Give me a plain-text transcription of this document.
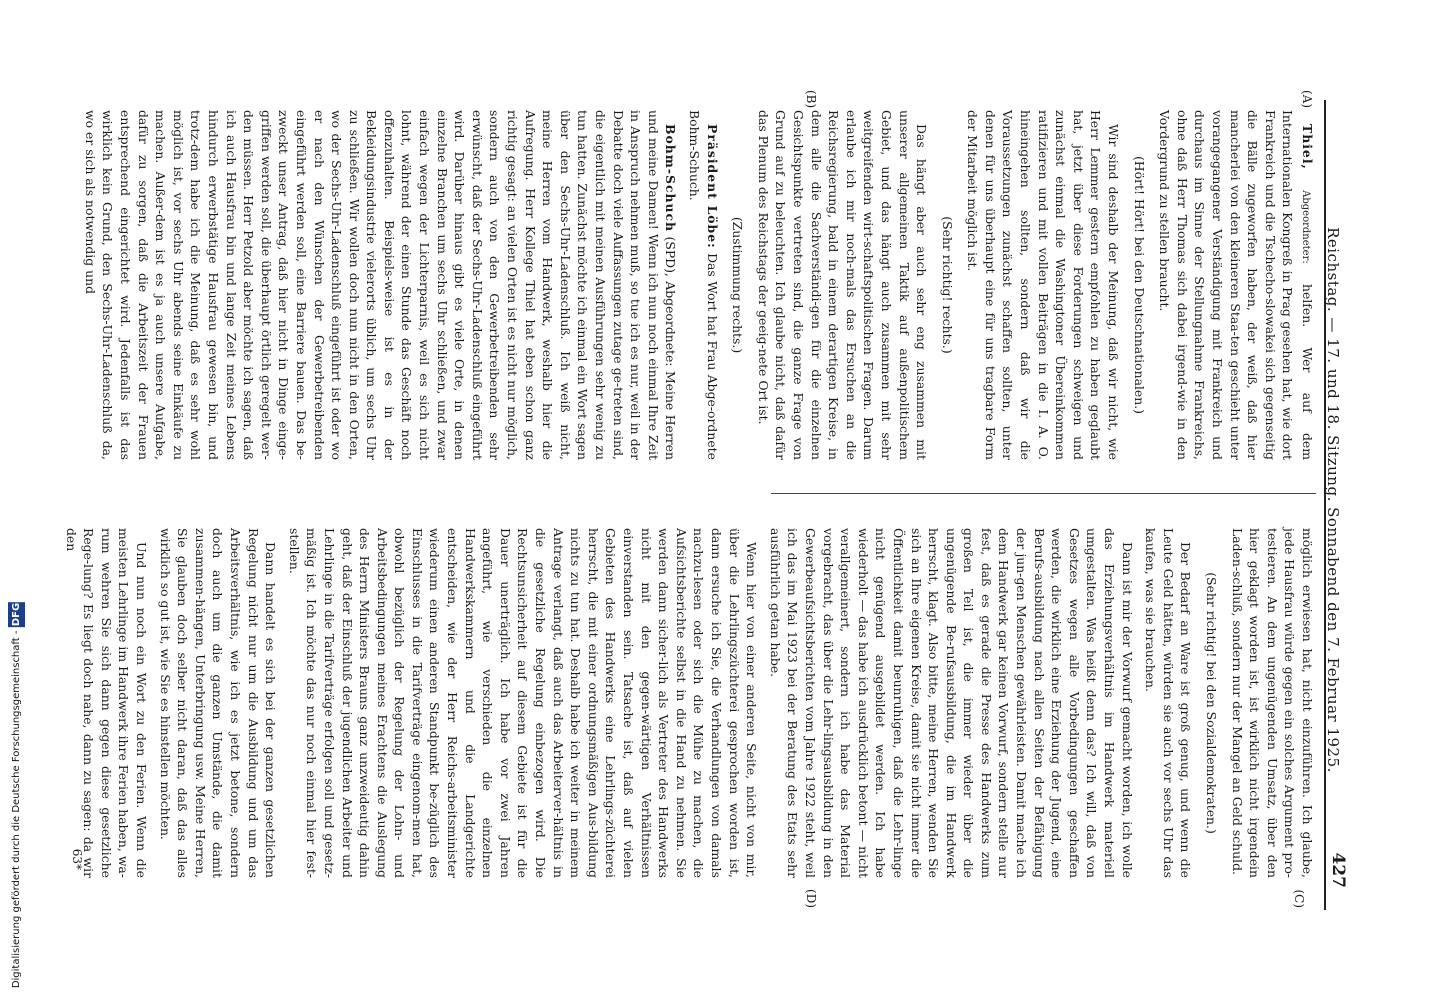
427
Reichstag. — 17. und 18. Sitzung. Sonnabend den 7. Februar 1925.
(A)
(B)
(C)
(D)

Thiel, Abgeordneter: helfen. Wer auf dem Internationalen Kongreß in Prag gesehen hat, wie dort Frankreich und die Tschecho-slowakei sich gegenseitig die Bälle zugeworfen haben, der weiß, daß hier mancherlei von den kleineren Staa-ten geschieht unter vorangegangener Verständigung mit Frankreich und durchaus im Sinne der Stellungnahme Frankreichs, ohne daß Herr Thomas sich dabei irgend-wie in den Vordergrund zu stellen braucht.

(Hört! Hört! bei den Deutschnationalen.)

Wir sind deshalb der Meinung, daß wir nicht, wie Herr Lemmer gestern empfohlen zu haben geglaubt hat, jetzt über diese Forderungen schweigen und zunächst einmal die Washingtoner Übereinkommen ratifizieren und mit vollen Beiträgen in die I. A. O. hineingehen sollten, sondern daß wir die Voraussetzungen zunächst schaffen sollten, unter denen für uns überhaupt eine für uns tragbare Form der Mitarbeit möglich ist.

(Sehr richtig! rechts.)

Das hängt aber auch sehr eng zusammen mit unserer allgemeinen Taktik auf außenpolitischem Gebiet, und das hängt auch zusammen mit sehr weitgreifenden wirt-schaftspolitischen Fragen. Darum erlaube ich mir noch-mals das Ersuchen an die Reichsregierung, bald in einem derartigen Kreise, in dem alle die Sachverständi-gen für die einzelnen Gesichtspunkte vertreten sind, die ganze Frage von Grund auf zu beleuchten. Ich glaube nicht, daß dafür das Plenum des Reichstags der geeig-nete Ort ist.

(Zustimmung rechts.)

Präsident Löbe: Das Wort hat Frau Abge-ordnete Bohm-Schuch.

Bohm-Schuch (SPD), Abgeordnete: Meine Herren und meine Damen! Wenn ich nun noch einmal Ihre Zeit in Anspruch nehmen muß, so tue ich es nur, weil in der Debatte doch viele Auffassungen zutage ge-treten sind, die eigentlich mit meinen Ausführungen sehr wenig zu tun hatten. Zunächst möchte ich einmal ein Wort sagen über den Sechs-Uhr-Ladenschluß. Ich weiß nicht, meine Herren vom Handwerk, weshalb hier die Aufregung. Herr Kollege Thiel hat eben schon ganz richtig gesagt: an vielen Orten ist es nicht nur möglich, sondern auch von den Gewerbetreibenden sehr erwünscht, daß der Sechs-Uhr-Ladenschluß eingeführt wird. Darüber hinaus gibt es viele Orte, in denen einzelne Branchen um sechs Uhr schließen, und zwar einfach wegen der Lichterparnis, weil es sich nicht lohnt, während der einen Stunde das Geschäft noch offenzuhalten. Beispiels-weise ist es in der Bekleidungsindustrie vielerorts üblich, um sechs Uhr zu schließen. Wir wollen doch nun nicht in den Orten, wo der Sechs-Uhr-Ladenschluß eingeführt ist oder wo er nach den Wünschen der Gewerbetreibenden eingeführt werden soll, eine Barriere bauen. Das be-zweckt unser Antrag, daß hier nicht in Dinge einge-griffen werden soll, die überhaupt örtlich geregelt wer-den müssen. Herr Petzold aber möchte ich sagen, daß ich auch Hausfrau bin und lange Zeit meines Lebens hindurch erwerbstätige Hausfrau gewesen bin, und trotz-dem habe ich die Meinung, daß es sehr wohl möglich ist, vor sechs Uhr abends seine Einkäufe zu machen. Außer-dem ist es ja auch unsere Aufgabe, dafür zu sorgen, daß die Arbeitszeit der Frauen entsprechend eingerichtet wird. Jedenfalls ist das wirklich kein Grund, den Sechs-Uhr-Ladenschluß da, wo er sich als notwendig und

möglich erwiesen hat, nicht einzuführen. Ich glaube, jede Hausfrau würde gegen ein solches Argument pro-testieren. An dem ungenügenden Umsatz, über den hier geklagt worden ist, ist wirklich nicht irgendein Laden-schluß, sondern nur der Mangel an Geld schuld.

(Sehr richtig! bei den Sozialdemokraten.)

Der Bedarf an Ware ist groß genug, und wenn die Leute Geld hätten, würden sie auch vor sechs Uhr das kaufen, was sie brauchen.

Dann ist mir der Vorwurf gemacht worden, ich wolle das Erziehungsverhältnis im Handwerk materiell umgestalten. Was heißt denn das? Ich will, daß von Gesetzes wegen alle Vorbedingungen geschaffen werden, die wirklich eine Erziehung der Jugend, eine Berufs-ausbildung nach allen Seiten der Befähigung der jun-gen Menschen gewährleisten. Damit mache ich dem Handwerk gar keinen Vorwurf, sondern stelle nur fest, daß es gerade die Presse des Handwerks zum großen Teil ist, die immer wieder über die ungenügende Be-rufsausbildung, die im Handwerk herrscht, klagt. Also bitte, meine Herren, wenden Sie sich an Ihre eigenen Kreise, damit sie nicht immer die Öffentlichkeit damit beunruhigen, daß die Lehr-linge nicht genügend ausgebildet werden. Ich habe wiederholt — das habe ich ausdrücklich betont — nicht verallgemeinert, sondern ich habe das Material vorgebracht, das über die Lehr-lingsausbildung in den Gewerbeaufsichtsberichten vom Jahre 1922 steht, weil ich das im Mai 1923 bei der Beratung des Etats sehr ausführlich getan habe.

Wenn hier von einer anderen Seite, nicht von mir, über die Lehrlingszüchterei gesprochen worden ist, dann ersuche ich Sie, die Verhandlungen von damals nachzu-lesen oder sich die Mühe zu machen, die Aufsichtsberichte selbst in die Hand zu nehmen. Sie werden dann sicher-lich als Vertreter des Handwerks nicht mit den gegen-wärtigen Verhältnissen einverstanden sein. Tatsache ist, daß auf vielen Gebieten des Handwerks eine Lehrlings-züchterei herrscht, die mit einer ordnungsmäßigen Aus-bildung nichts zu tun hat. Deshalb habe ich weiter in meinem Antrage verlangt, daß auch das Arbeiterver-hältnis in die gesetzliche Regelung einbezogen wird. Die Rechtsunsicherheit auf diesem Gebiete ist für die Dauer unerträglich. Ich habe vor zwei Jahren angeführt, wie verschieden die einzelnen Handwerkskammern und die Landgerichte entscheiden, wie der Herr Reichs-arbeitsminister wiederum einen anderen Standpunkt be-züglich des Einschlusses in die Tarifverträge eingenom-men hat, obwohl bezüglich der Regelung der Lohn- und Arbeitsbedingungen meines Erachtens die Auslegung des Herrn Ministers Brauns ganz unzweideutig dahin geht, daß der Einschluß der jugendlichen Arbeiter und Lehrlinge in die Tarifverträge erfolgen soll und gesetz-mäßig ist. Ich möchte das nur noch einmal hier fest-stellen.

Dann handelt es sich bei der ganzen gesetzlichen Regelung nicht nur um die Ausbildung und um das Arbeitsverhältnis, wie ich es jetzt betone, sondern doch auch um die ganzen Umstände, die damit zusammen-hängen, Unterbringung usw. Meine Herren, Sie glauben doch selber nicht daran, daß das alles wirklich so gut ist, wie Sie es hinstellen möchten.

Und nun noch ein Wort zu den Ferien. Wenn die meisten Lehrlinge im Handwerk ihre Ferien haben, wa-rum wehren Sie sich dann gegen diese gesetzliche Rege-lung? Es liegt doch nahe, dann zu sagen: da wir den

63*
Digitalisierung gefördert durch die Deutsche Forschungsgemeinschaft - DFG
